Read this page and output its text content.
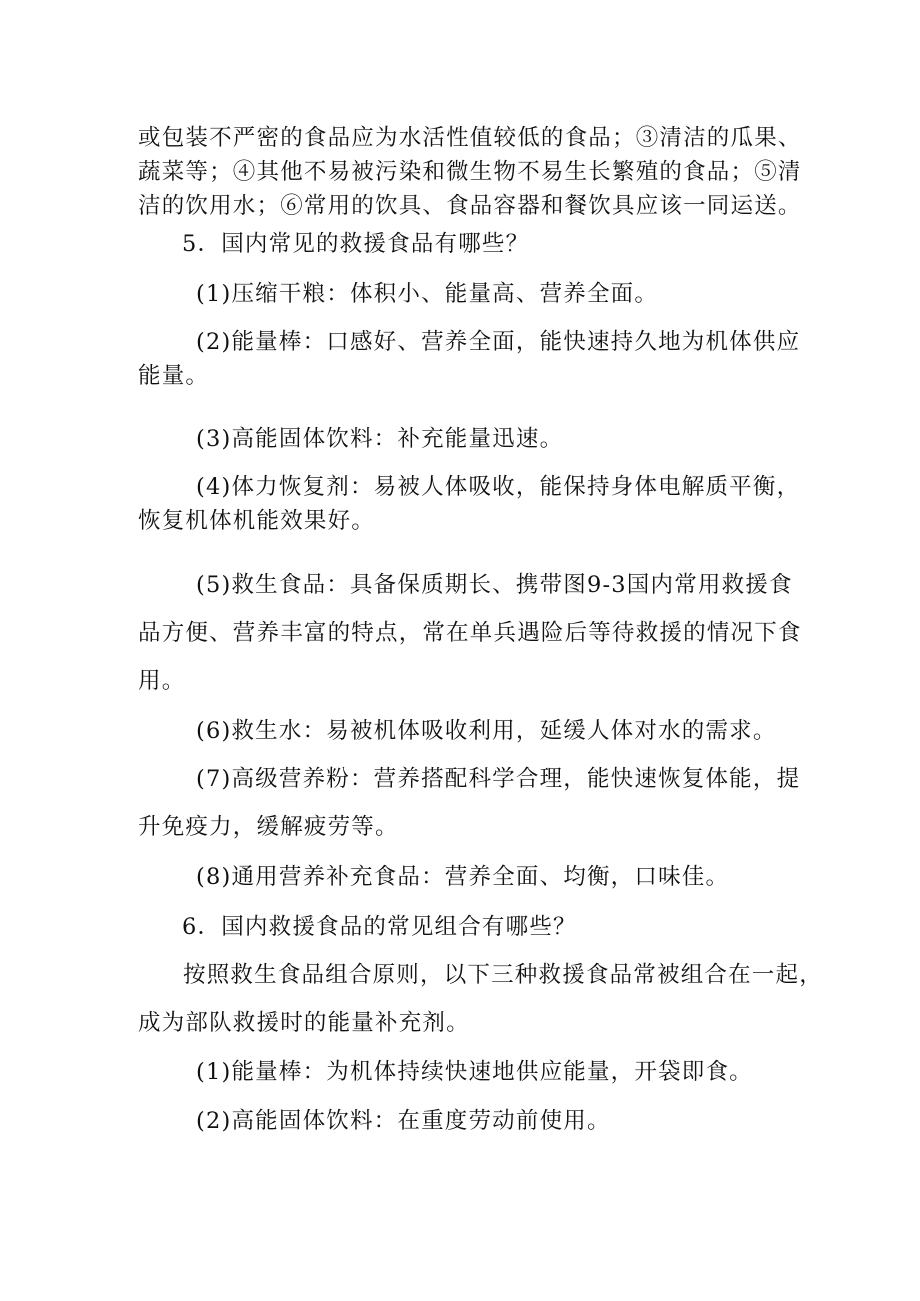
或包装不严密的食品应为水活性值较低的食品；③清洁的瓜果、
蔬菜等；④其他不易被污染和微生物不易生长繁殖的食品；⑤清
洁的饮用水；⑥常用的饮具、食品容器和餐饮具应该一同运送。

5．国内常见的救援食品有哪些？

(1)压缩干粮：体积小、能量高、营养全面。

(2)能量棒：口感好、营养全面，能快速持久地为机体供应
能量。

(3)高能固体饮料：补充能量迅速。

(4)体力恢复剂：易被人体吸收，能保持身体电解质平衡，
恢复机体机能效果好。

(5)救生食品：具备保质期长、携带图9-3国内常用救援食
品方便、营养丰富的特点，常在单兵遇险后等待救援的情况下食
用。

(6)救生水：易被机体吸收利用，延缓人体对水的需求。

(7)高级营养粉：营养搭配科学合理，能快速恢复体能，提
升免疫力，缓解疲劳等。

(8)通用营养补充食品：营养全面、均衡，口味佳。

6．国内救援食品的常见组合有哪些？

按照救生食品组合原则，以下三种救援食品常被组合在一起，
成为部队救援时的能量补充剂。

(1)能量棒：为机体持续快速地供应能量，开袋即食。

(2)高能固体饮料：在重度劳动前使用。
